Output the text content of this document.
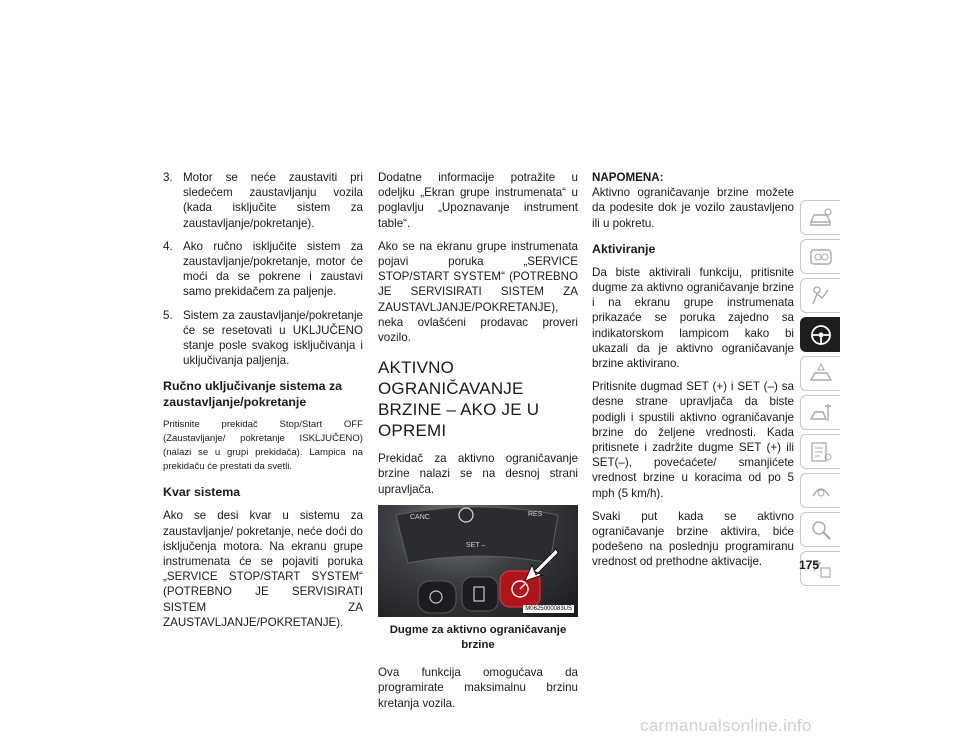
3. Motor se neće zaustaviti pri sledećem zaustavljanju vozila (kada isključite sistem za zaustavljanje/pokretanje).
4. Ako ručno isključite sistem za zaustavljanje/pokretanje, motor će moći da se pokrene i zaustavi samo prekidačem za paljenje.
5. Sistem za zaustavljanje/pokretanje će se resetovati u UKLJUČENO stanje posle svakog isključivanja i uključivanja paljenja.
Ručno uključivanje sistema za zaustavljanje/pokretanje

Pritisnite prekidač Stop/Start OFF (Zaustavljanje/ pokretanje ISKLJUČENO) (nalazi se u grupi prekidača). Lampica na prekidaču će prestati da svetli.

Kvar sistema

Ako se desi kvar u sistemu za zaustavljanje/ pokretanje, neće doći do isključenja motora. Na ekranu grupe instrumenata će se pojaviti poruka „SERVICE STOP/START SYSTEM“ (POTREBNO JE SERVISIRATI SISTEM ZA ZAUSTAVLJANJE/POKRETANJE).

Dodatne informacije potražite u odeljku „Ekran grupe instrumenata“ u poglavlju „Upoznavanje instrument table“.

Ako se na ekranu grupe instrumenata pojavi poruka „SERVICE STOP/START SYSTEM“ (POTREBNO JE SERVISIRATI SISTEM ZA ZAUSTAVLJANJE/POKRETANJE), neka ovlašćeni prodavac proveri vozilo.

AKTIVNO OGRANIČAVANJE BRZINE – AKO JE U OPREMI

Prekidač za aktivno ograničavanje brzine nalazi se na desnoj strani upravljača.

CANC	RES
SET –
M0625000083US
Dugme za aktivno ograničavanje brzine

Ova funkcija omogućava da programirate maksimalnu brzinu kretanja vozila.

NAPOMENA:

Aktivno ograničavanje brzine možete da podesite dok je vozilo zaustavljeno ili u pokretu.

Aktiviranje

Da biste aktivirali funkciju, pritisnite dugme za aktivno ograničavanje brzine i na ekranu grupe instrumenata prikazaće se poruka zajedno sa indikatorskom lampicom kako bi ukazali da je aktivno ograničavanje brzine aktivirano.

Pritisnite dugmad SET (+) i SET (–) sa desne strane upravljača da biste podigli i spustili aktivno ograničavanje brzine do željene vrednosti. Kada pritisnete i zadržite dugme SET (+) ili SET(–), povećaćete/ smanjićete vrednost brzine u koracima od po 5 mph (5 km/h).

Svaki put kada se aktivno ograničavanje brzine aktivira, biće podešeno na poslednju programiranu vrednost od prethodne aktivacije.	175
carmanualsonline.info
